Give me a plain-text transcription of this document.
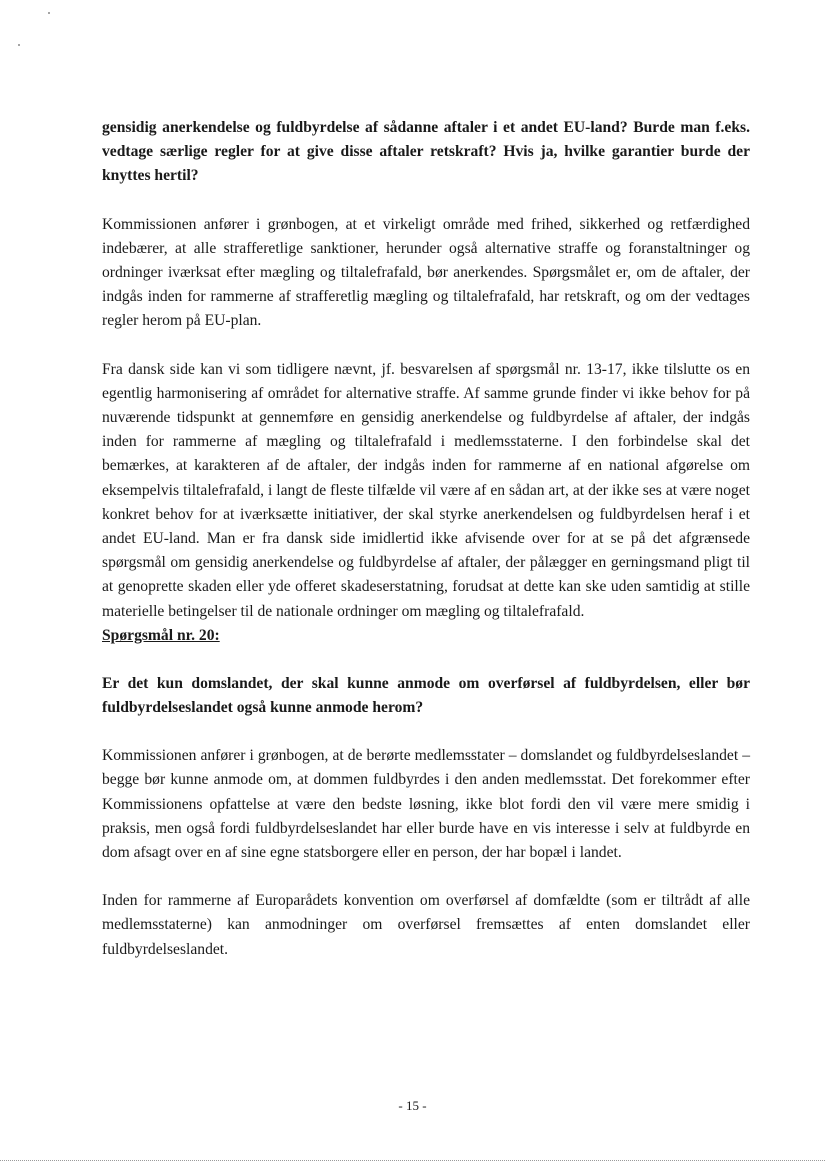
gensidig anerkendelse og fuldbyrdelse af sådanne aftaler i et andet EU-land? Burde man f.eks. vedtage særlige regler for at give disse aftaler retskraft? Hvis ja, hvilke garantier burde der knyttes hertil?

Kommissionen anfører i grønbogen, at et virkeligt område med frihed, sikkerhed og retfærdighed indebærer, at alle strafferetlige sanktioner, herunder også alternative straffe og foranstaltninger og ordninger iværksat efter mægling og tiltalefrafald, bør anerkendes. Spørgsmålet er, om de aftaler, der indgås inden for rammerne af strafferetlig mægling og tiltalefrafald, har retskraft, og om der vedtages regler herom på EU-plan.

Fra dansk side kan vi som tidligere nævnt, jf. besvarelsen af spørgsmål nr. 13-17, ikke tilslutte os en egentlig harmonisering af området for alternative straffe. Af samme grunde finder vi ikke behov for på nuværende tidspunkt at gennemføre en gensidig anerkendelse og fuldbyrdelse af aftaler, der indgås inden for rammerne af mægling og tiltalefrafald i medlemsstaterne. I den forbindelse skal det bemærkes, at karakteren af de aftaler, der indgås inden for rammerne af en national afgørelse om eksempelvis tiltalefrafald, i langt de fleste tilfælde vil være af en sådan art, at der ikke ses at være noget konkret behov for at iværksætte initiativer, der skal styrke anerkendelsen og fuldbyrdelsen heraf i et andet EU-land. Man er fra dansk side imidlertid ikke afvisende over for at se på det afgrænsede spørgsmål om gensidig anerkendelse og fuldbyrdelse af aftaler, der pålægger en gerningsmand pligt til at genoprette skaden eller yde offeret skadeserstatning, forudsat at dette kan ske uden samtidig at stille materielle betingelser til de nationale ordninger om mægling og tiltalefrafald.

Spørgsmål nr. 20:

Er det kun domslandet, der skal kunne anmode om overførsel af fuldbyrdelsen, eller bør fuldbyrdelseslandet også kunne anmode herom?

Kommissionen anfører i grønbogen, at de berørte medlemsstater – domslandet og fuldbyrdelseslandet – begge bør kunne anmode om, at dommen fuldbyrdes i den anden medlemsstat. Det forekommer efter Kommissionens opfattelse at være den bedste løsning, ikke blot fordi den vil være mere smidig i praksis, men også fordi fuldbyrdelseslandet har eller burde have en vis interesse i selv at fuldbyrde en dom afsagt over en af sine egne statsborgere eller en person, der har bopæl i landet.

Inden for rammerne af Europarådets konvention om overførsel af domfældte (som er tiltrådt af alle medlemsstaterne) kan anmodninger om overførsel fremsættes af enten domslandet eller fuldbyrdelseslandet.

- 15 -
